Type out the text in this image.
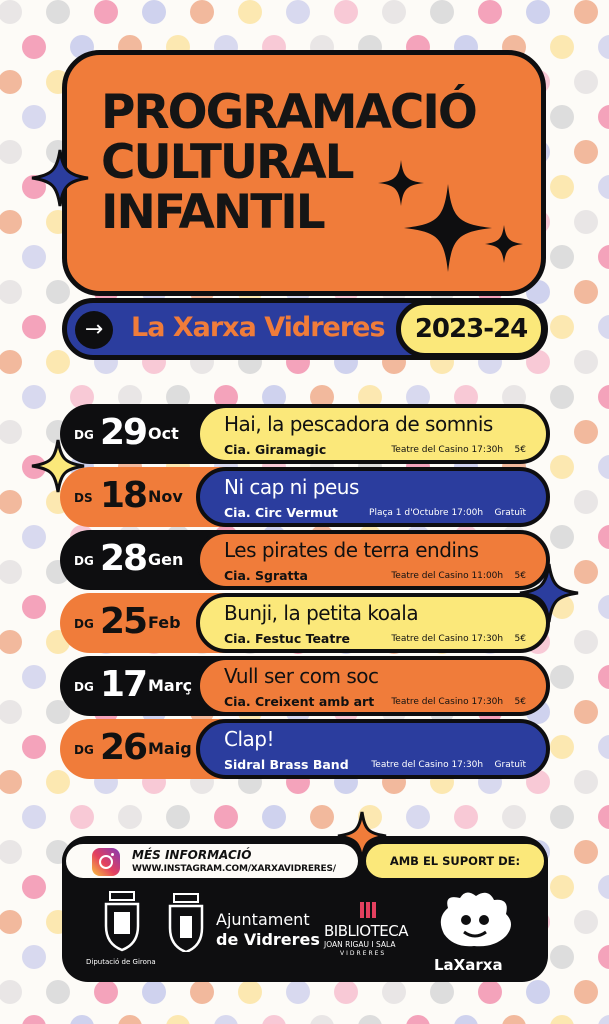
PROGRAMACIÓ
CULTURAL
INFANTIL
→	La Xarxa Vidreres	2023-24
DG 29 Oct Hai, la pescadora de somnis
Cia. Giramagic	Teatre del Casino 17:30h 5€
DS 18 Nov Ni cap ni peus
Cia. Circ Vermut	Plaça 1 d'Octubre 17:00h Gratuït
DG 28 Gen Les pirates de terra endins
Cia. Sgratta	Teatre del Casino 11:00h 5€
DG 25 Feb Bunji, la petita koala
Cia. Festuc Teatre	Teatre del Casino 17:30h 5€
DG 17 Març Vull ser com soc
Cia. Creixent amb art Teatre del Casino 17:30h 5€
DG 26 Maig Clap!
Sidral Brass Band	Teatre del Casino 17:30h Gratuït
MÉS INFORMACIÓ
WWW.INSTAGRAM.COM/XARXAVIDRERES/
AMB EL SUPORT DE:
Diputació de Girona
Ajuntament
de Vidreres BIBLIOTECA
JOAN RIGAU I SALA
VIDRERES
LaXarxa
